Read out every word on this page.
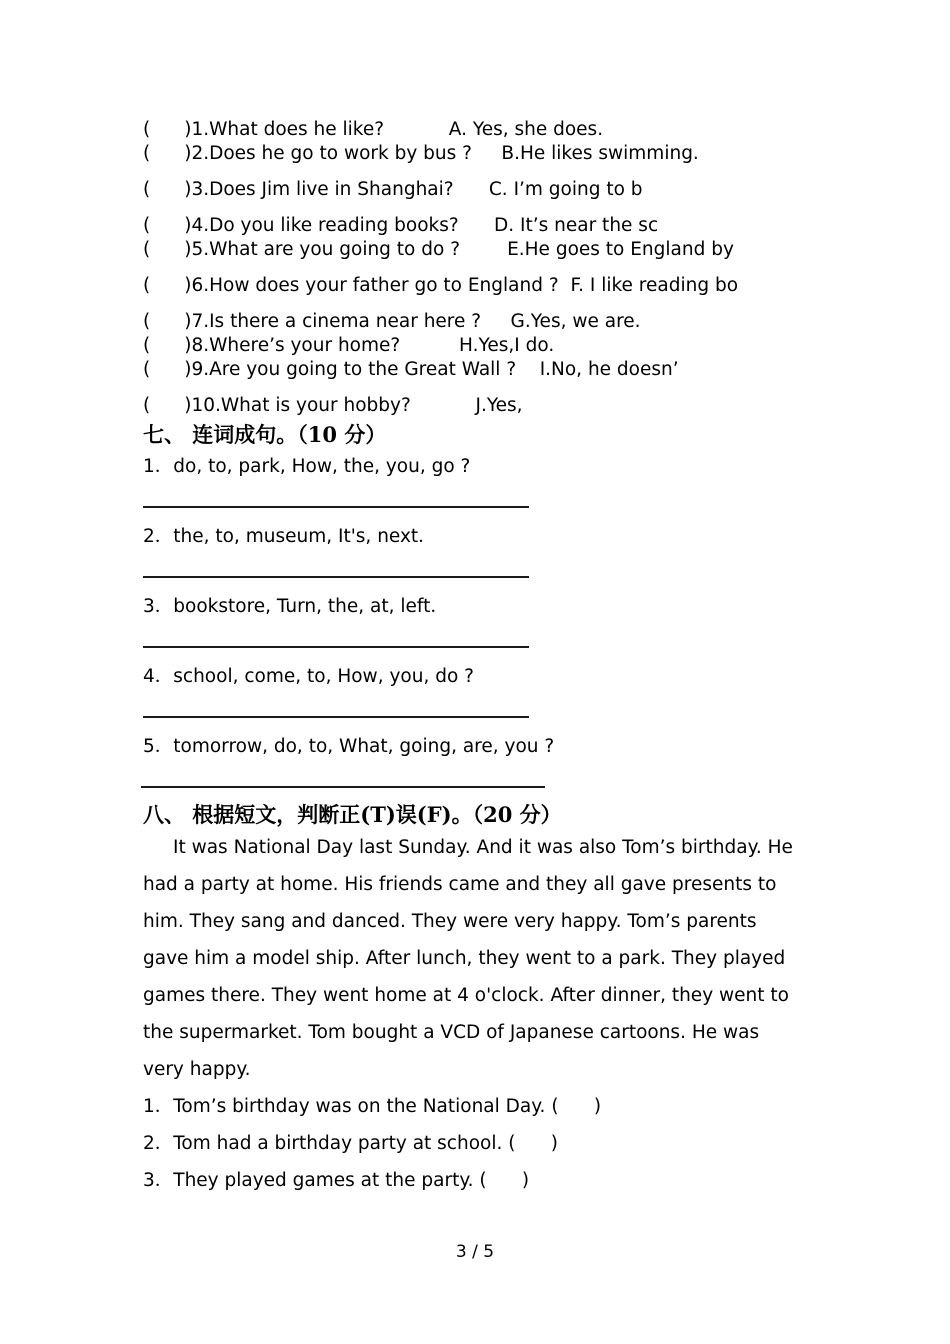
( )1.What does he like?	A. Yes, she does.
( )2.Does he go to work by bus ? B.He likes swimming.
( )3.Does Jim live in Shanghai? C. I’m going to b
( )4.Do you like reading books? D. It’s near the sc
( )5.What are you going to do ?	E.He goes to England by
( )6.How does your father go to England ? F. I like reading bo
( )7.Is there a cinema near here ? G.Yes, we are.
( )8.Where’s your home?	H.Yes,I do.
( )9.Are you going to the Great Wall ? I.No, he doesn’
( )10.What is your hobby?	J.Yes,

七、 连词成句。（10 分）

1．do, to, park, How, the, you, go ?

2．the, to, museum, It's, next．

3．bookstore, Turn, the, at, left．

4．school, come, to, How, you, do ?

5．tomorrow, do, to, What, going, are, you ?

八、 根据短文，判断正(T)误(F)。（20 分）

It was National Day last Sunday. And it was also Tom’s birthday. He had a party at home. His friends came and they all gave presents to him. They sang and danced. They were very happy. Tom’s parents gave him a model ship. After lunch, they went to a park. They played games there. They went home at 4 o'clock. After dinner, they went to the supermarket. Tom bought a VCD of Japanese cartoons. He was very happy.

1．Tom’s birthday was on the National Day. (      )

2．Tom had a birthday party at school. (      )

3．They played games at the party. (      )

3 / 5
